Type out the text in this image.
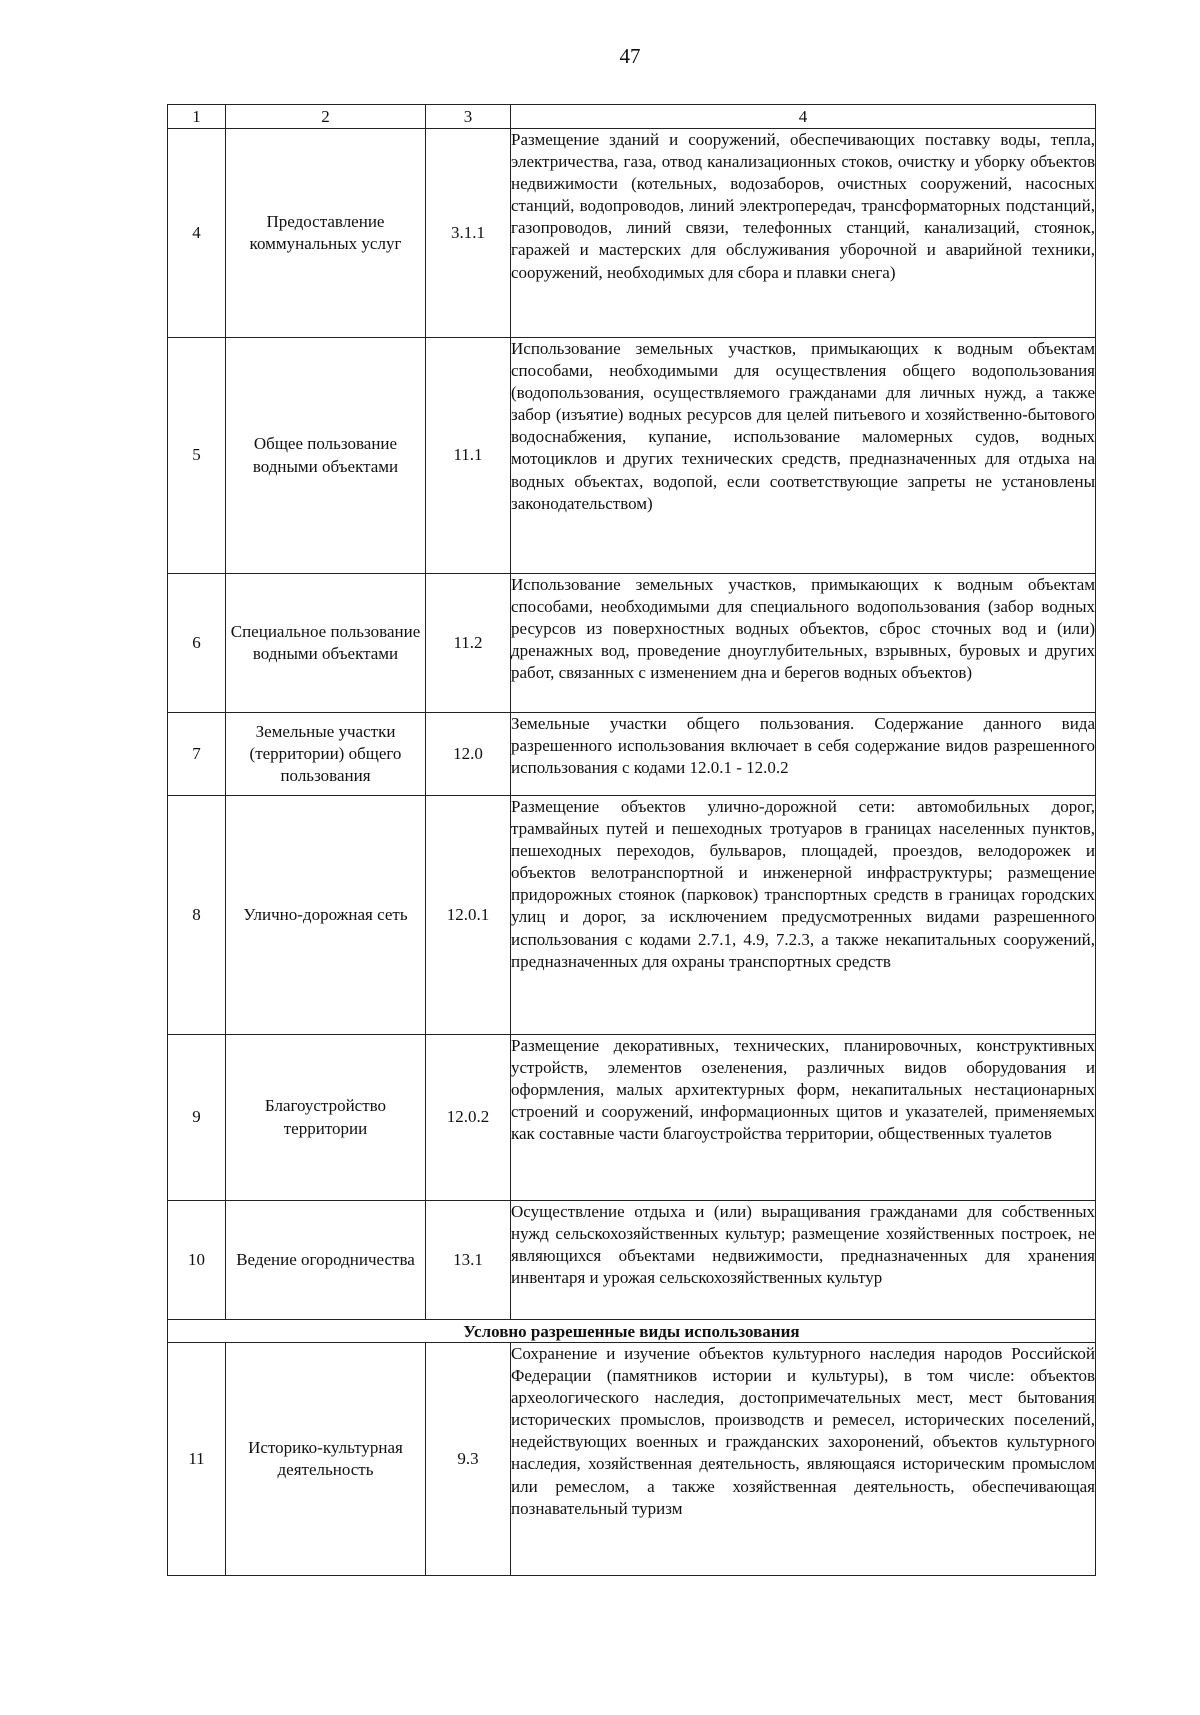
47
1	2	3	4
4	Предоставление коммунальных услуг	3.1.1	Размещение зданий и сооружений, обеспечивающих поставку воды, тепла, электричества, газа, отвод канализационных стоков, очистку и уборку объектов недвижимости (котельных, водозаборов, очистных сооружений, насосных станций, водопроводов, линий электропередач, трансформаторных подстанций, газопроводов, линий связи, телефонных станций, канализаций, стоянок, гаражей и мастерских для обслуживания уборочной и аварийной техники, сооружений, необходимых для сбора и плавки снега)
5	Общее пользование водными объектами	11.1	Использование земельных участков, примыкающих к водным объектам способами, необходимыми для осуществления общего водопользования (водопользования, осуществляемого гражданами для личных нужд, а также забор (изъятие) водных ресурсов для целей питьевого и хозяйственно-бытового водоснабжения, купание, использование маломерных судов, водных мотоциклов и других технических средств, предназначенных для отдыха на водных объектах, водопой, если соответствующие запреты не установлены законодательством)
6	Специальное пользование водными объектами	11.2	Использование земельных участков, примыкающих к водным объектам способами, необходимыми для специального водопользования (забор водных ресурсов из поверхностных водных объектов, сброс сточных вод и (или) дренажных вод, проведение дноуглубительных, взрывных, буровых и других работ, связанных с изменением дна и берегов водных объектов)
7	Земельные участки (территории) общего пользования	12.0	Земельные участки общего пользования. Содержание данного вида разрешенного использования включает в себя содержание видов разрешенного использования с кодами 12.0.1 - 12.0.2
8	Улично-дорожная сеть	12.0.1	Размещение объектов улично-дорожной сети: автомобильных дорог, трамвайных путей и пешеходных тротуаров в границах населенных пунктов, пешеходных переходов, бульваров, площадей, проездов, велодорожек и объектов велотранспортной и инженерной инфраструктуры; размещение придорожных стоянок (парковок) транспортных средств в границах городских улиц и дорог, за исключением предусмотренных видами разрешенного использования с кодами 2.7.1, 4.9, 7.2.3, а также некапитальных сооружений, предназначенных для охраны транспортных средств
9	Благоустройство территории	12.0.2	Размещение декоративных, технических, планировочных, конструктивных устройств, элементов озеленения, различных видов оборудования и оформления, малых архитектурных форм, некапитальных нестационарных строений и сооружений, информационных щитов и указателей, применяемых как составные части благоустройства территории, общественных туалетов
10	Ведение огородничества	13.1	Осуществление отдыха и (или) выращивания гражданами для собственных нужд сельскохозяйственных культур; размещение хозяйственных построек, не являющихся объектами недвижимости, предназначенных для хранения инвентаря и урожая сельскохозяйственных культур
Условно разрешенные виды использования			
11	Историко-культурная деятельность	9.3	Сохранение и изучение объектов культурного наследия народов Российской Федерации (памятников истории и культуры), в том числе: объектов археологического наследия, достопримечательных мест, мест бытования исторических промыслов, производств и ремесел, исторических поселений, недействующих военных и гражданских захоронений, объектов культурного наследия, хозяйственная деятельность, являющаяся историческим промыслом или ремеслом, а также хозяйственная деятельность, обеспечивающая познавательный туризм
